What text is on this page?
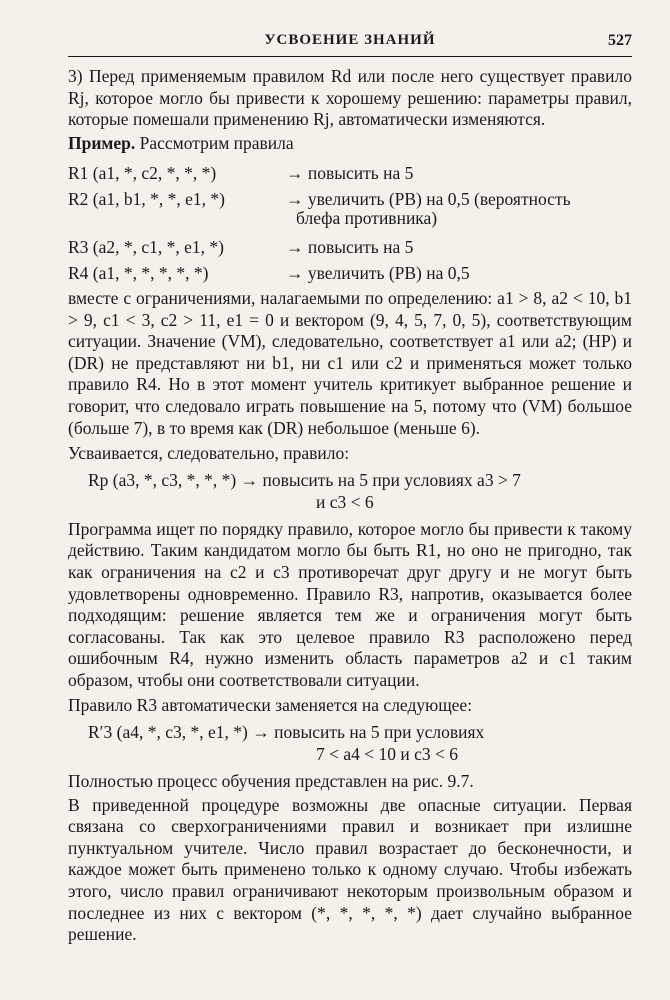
УСВОЕНИЕ ЗНАНИЙ	527

3) Перед применяемым правилом Rd или после него существует правило Rj, которое могло бы привести к хорошему решению: параметры правил, которые помешали применению Rj, автоматически изменяются.

Пример. Рассмотрим правила

R1 (a1, *, c2, *, *, *)	→ повысить на 5
R2 (a1, b1, *, *, e1, *)	→ увеличить (РВ) на 0,5 (вероятность
блефа противника)
R3 (a2, *, c1, *, e1, *)	→ повысить на 5
R4 (a1, *, *, *, *, *)	→ увеличить (РВ) на 0,5

вместе с ограничениями, налагаемыми по определению: a1 > 8, a2 < 10, b1 > 9, c1 < 3, c2 > 11, e1 = 0 и вектором (9, 4, 5, 7, 0, 5), соответствующим ситуации. Значение (VM), следовательно, соответствует a1 или a2; (HP) и (DR) не представляют ни b1, ни c1 или c2 и применяться может только правило R4. Но в этот момент учитель критикует выбранное решение и говорит, что следовало играть повышение на 5, потому что (VM) большое (больше 7), в то время как (DR) небольшое (меньше 6).

Усваивается, следовательно, правило:

Rp (a3, *, c3, *, *, *) → повысить на 5 при условиях a3 > 7
и c3 < 6

Программа ищет по порядку правило, которое могло бы привести к такому действию. Таким кандидатом могло бы быть R1, но оно не пригодно, так как ограничения на c2 и c3 противоречат друг другу и не могут быть удовлетворены одновременно. Правило R3, напротив, оказывается более подходящим: решение является тем же и ограничения могут быть согласованы. Так как это целевое правило R3 расположено перед ошибочным R4, нужно изменить область параметров a2 и c1 таким образом, чтобы они соответствовали ситуации.

Правило R3 автоматически заменяется на следующее:

R′3 (a4, *, c3, *, e1, *) → повысить на 5 при условиях
7 < a4 < 10 и c3 < 6

Полностью процесс обучения представлен на рис. 9.7.

В приведенной процедуре возможны две опасные ситуации. Первая связана со сверхограничениями правил и возникает при излишне пунктуальном учителе. Число правил возрастает до бесконечности, и каждое может быть применено только к одному случаю. Чтобы избежать этого, число правил ограничивают некоторым произвольным образом и последнее из них с вектором (*, *, *, *, *) дает случайно выбранное решение.
